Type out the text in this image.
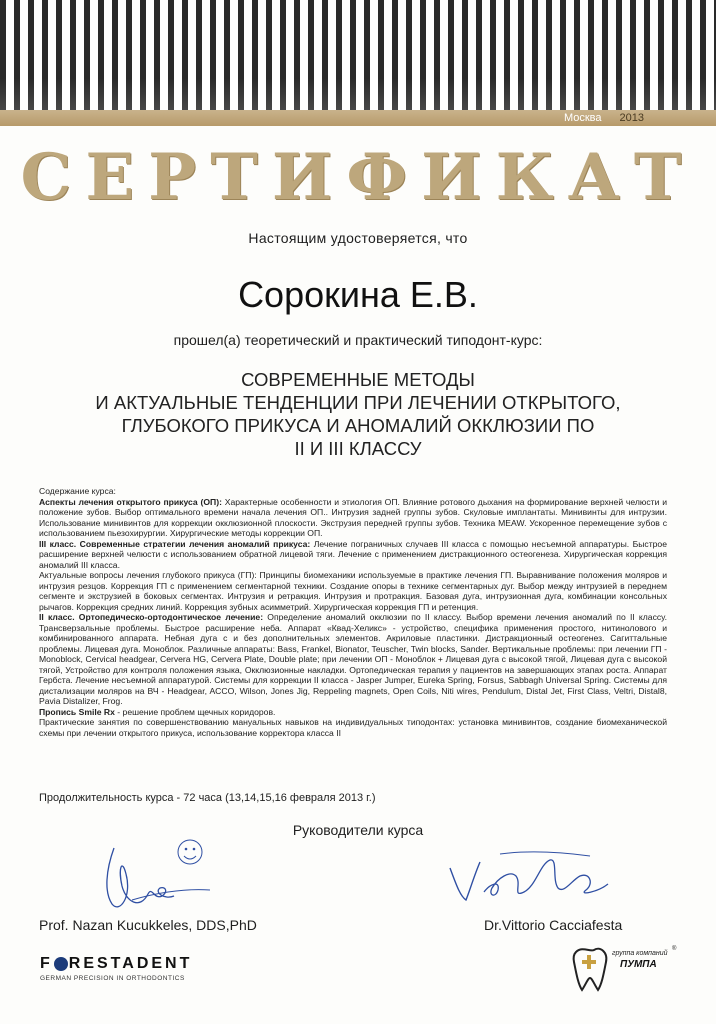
Москва 2013
СЕРТИФИКАТ
Настоящим удостоверяется, что
Сорокина Е.В.
прошел(а) теоретический и практический типодонт-курс:
СОВРЕМЕННЫЕ МЕТОДЫ
И АКТУАЛЬНЫЕ ТЕНДЕНЦИИ ПРИ ЛЕЧЕНИИ ОТКРЫТОГО,
ГЛУБОКОГО ПРИКУСА И АНОМАЛИЙ ОККЛЮЗИИ ПО
II И III КЛАССУ

Содержание курса:

Аспекты лечения открытого прикуса (ОП): Характерные особенности и этиология ОП. Влияние ротового дыхания на формирование верхней челюсти и положение зубов. Выбор оптимального времени начала лечения ОП.. Интрузия задней группы зубов. Скуловые имплантаты. Минивинты для интрузии. Использование минивинтов для коррекции окклюзионной плоскости. Экструзия передней группы зубов. Техника MEAW. Ускоренное перемещение зубов с использованием пьезохирургии. Хирургические методы коррекции ОП.

III класс. Современные стратегии лечения аномалий прикуса: Лечение пограничных случаев III класса с помощью несъемной аппаратуры. Быстрое расширение верхней челюсти с использованием обратной лицевой тяги. Лечение с применением дистракционного остеогенеза. Хирургическая коррекция аномалий III класса.

Актуальные вопросы лечения глубокого прикуса (ГП): Принципы биомеханики используемые в практике лечения ГП. Выравнивание положения моляров и интрузия резцов. Коррекция ГП с применением сегментарной техники. Создание опоры в технике сегментарных дуг. Выбор между интрузией в переднем сегменте и экструзией в боковых сегментах. Интрузия и ретракция. Интрузия и протракция. Базовая дуга, интрузионная дуга, комбинации консольных рычагов. Коррекция средних линий. Коррекция зубных асимметрий. Хирургическая коррекция ГП и ретенция.

II класс. Ортопедическо-ортодонтическое лечение: Определение аномалий окклюзии по II классу. Выбор времени лечения аномалий по II классу. Трансверзальные проблемы. Быстрое расширение неба. Аппарат «Квад-Хеликс» - устройство, специфика применения простого, нитинолового и комбинированного аппарата. Небная дуга с и без дополнительных элементов. Акриловые пластинки. Дистракционный остеогенез. Сагиттальные проблемы. Лицевая дуга. Моноблок. Различные аппараты: Bass, Frankel, Bionator, Teuscher, Twin blocks, Sander. Вертикальные проблемы: при лечении ГП -Monoblock, Cervical headgear, Cervera HG, Cervera Plate, Double plate; при лечении ОП - Моноблок + Лицевая дуга с высокой тягой, Лицевая дуга с высокой тягой, Устройство для контроля положения языка, Окклюзионные накладки. Ортопедическая терапия у пациентов на завершающих этапах роста. Аппарат Гербста. Лечение несъемной аппаратурой. Системы для коррекции II класса - Jasper Jumper, Eureka Spring, Forsus, Sabbagh Universal Spring. Системы для дистализации моляров на ВЧ - Headgear, ACCO, Wilson, Jones Jig, Reppeling magnets, Open Coils, Niti wires, Pendulum, Distal Jet, First Class, Veltri, Distal8, Pavia Distalizer, Frog.

Пропись Smile Rx - решение проблем щечных коридоров.

Практические занятия по совершенствованию мануальных навыков на индивидуальных типодонтах: установка минивинтов, создание биомеханической схемы при лечении открытого прикуса, использование корректора класса II

Продолжительность курса - 72 часа (13,14,15,16 февраля 2013 г.)
Руководители курса
Prof. Nazan Kucukkeles, DDS,PhD	Dr.Vittorio Cacciafesta
F RESTADENT
GERMAN PRECISION IN ORTHODONTICS
группа компаний
ПУМПА
®
